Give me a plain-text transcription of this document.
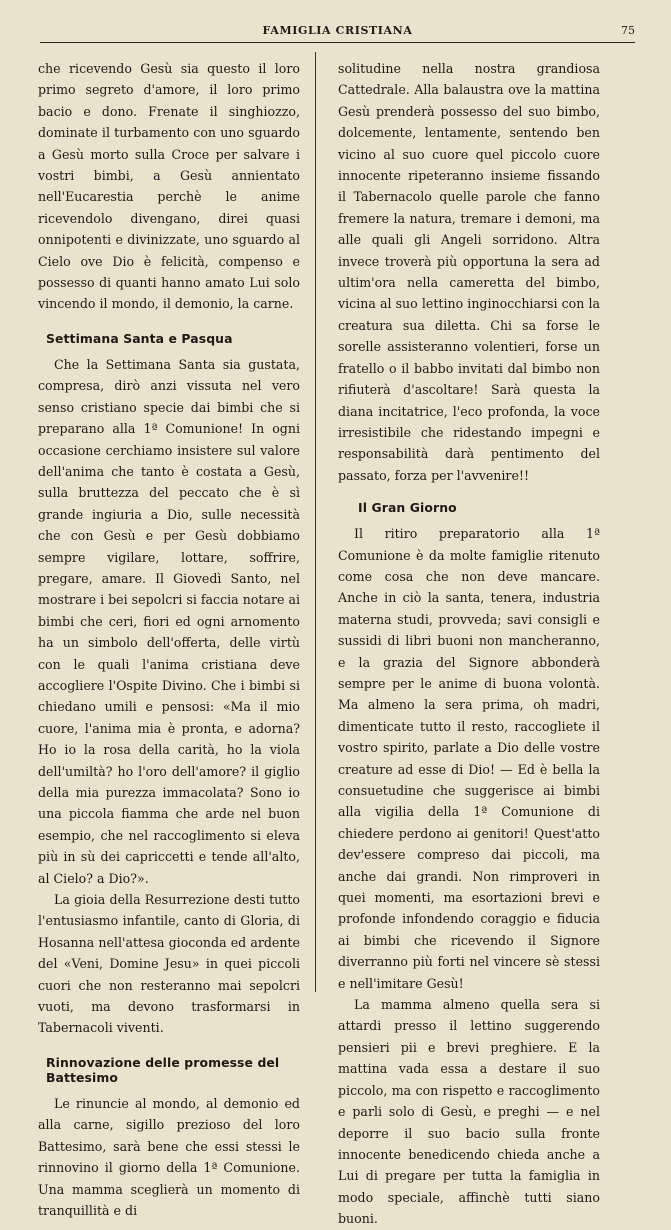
FAMIGLIA CRISTIANA	75

che ricevendo Gesù sia questo il loro primo segreto d'amore, il loro primo bacio e dono. Frenate il singhiozzo, dominate il turbamento con uno sguardo a Gesù morto sulla Croce per salvare i vostri bimbi, a Gesù annientato nell'Eucarestia perchè le anime ricevendolo divengano, direi quasi onnipotenti e divinizzate, uno sguardo al Cielo ove Dio è felicità, compenso e possesso di quanti hanno amato Lui solo vincendo il mondo, il demonio, la carne.

Settimana Santa e Pasqua

Che la Settimana Santa sia gustata, compresa, dirò anzi vissuta nel vero senso cristiano specie dai bimbi che si preparano alla 1ª Comunione! In ogni occasione cerchiamo insistere sul valore dell'anima che tanto è costata a Gesù, sulla bruttezza del peccato che è sì grande ingiuria a Dio, sulle necessità che con Gesù e per Gesù dobbiamo sempre vigilare, lottare, soffrire, pregare, amare. Il Giovedì Santo, nel mostrare i bei sepolcri si faccia notare ai bimbi che ceri, fiori ed ogni arnomento ha un simbolo dell'offerta, delle virtù con le quali l'anima cristiana deve accogliere l'Ospite Divino. Che i bimbi si chiedano umili e pensosi: «Ma il mio cuore, l'anima mia è pronta, e adorna? Ho io la rosa della carità, ho la viola dell'umiltà? ho l'oro dell'amore? il giglio della mia purezza immacolata? Sono io una piccola fiamma che arde nel buon esempio, che nel raccoglimento si eleva più in sù dei capriccetti e tende all'alto, al Cielo? a Dio?».

La gioia della Resurrezione desti tutto l'entusiasmo infantile, canto di Gloria, di Hosanna nell'attesa gioconda ed ardente del «Veni, Domine Jesu» in quei piccoli cuori che non resteranno mai sepolcri vuoti, ma devono trasformarsi in Tabernacoli viventi.

Rinnovazione delle promesse del Battesimo

Le rinuncie al mondo, al demonio ed alla carne, sigillo prezioso del loro Battesimo, sarà bene che essi stessi le rinnovino il giorno della 1ª Comunione. Una mamma sceglierà un momento di tranquillità e di

solitudine nella nostra grandiosa Cattedrale. Alla balaustra ove la mattina Gesù prenderà possesso del suo bimbo, dolcemente, lentamente, sentendo ben vicino al suo cuore quel piccolo cuore innocente ripeteranno insieme fissando il Tabernacolo quelle parole che fanno fremere la natura, tremare i demoni, ma alle quali gli Angeli sorridono. Altra invece troverà più opportuna la sera ad ultim'ora nella cameretta del bimbo, vicina al suo lettino inginocchiarsi con la creatura sua diletta. Chi sa forse le sorelle assisteranno volentieri, forse un fratello o il babbo invitati dal bimbo non rifiuterà d'ascoltare! Sarà questa la diana incitatrice, l'eco profonda, la voce irresistibile che ridestando impegni e responsabilità darà pentimento del passato, forza per l'avvenire!!

Il Gran Giorno

Il ritiro preparatorio alla 1ª Comunione è da molte famiglie ritenuto come cosa che non deve mancare. Anche in ciò la santa, tenera, industria materna studi, provveda; savi consigli e sussidi di libri buoni non mancheranno, e la grazia del Signore abbonderà sempre per le anime di buona volontà. Ma almeno la sera prima, oh madri, dimenticate tutto il resto, raccogliete il vostro spirito, parlate a Dio delle vostre creature ad esse di Dio! — Ed è bella la consuetudine che suggerisce ai bimbi alla vigilia della 1ª Comunione di chiedere perdono ai genitori! Quest'atto dev'essere compreso dai piccoli, ma anche dai grandi. Non rimproveri in quei momenti, ma esortazioni brevi e profonde infondendo coraggio e fiducia ai bimbi che ricevendo il Signore diverranno più forti nel vincere sè stessi e nell'imitare Gesù!

La mamma almeno quella sera si attardi presso il lettino suggerendo pensieri pii e brevi preghiere. E la mattina vada essa a destare il suo piccolo, ma con rispetto e raccoglimento e parli solo di Gesù, e preghi — e nel deporre il suo bacio sulla fronte innocente benedicendo chieda anche a Lui di pregare per tutta la famiglia in modo speciale, affinchè tutti siano buoni.
